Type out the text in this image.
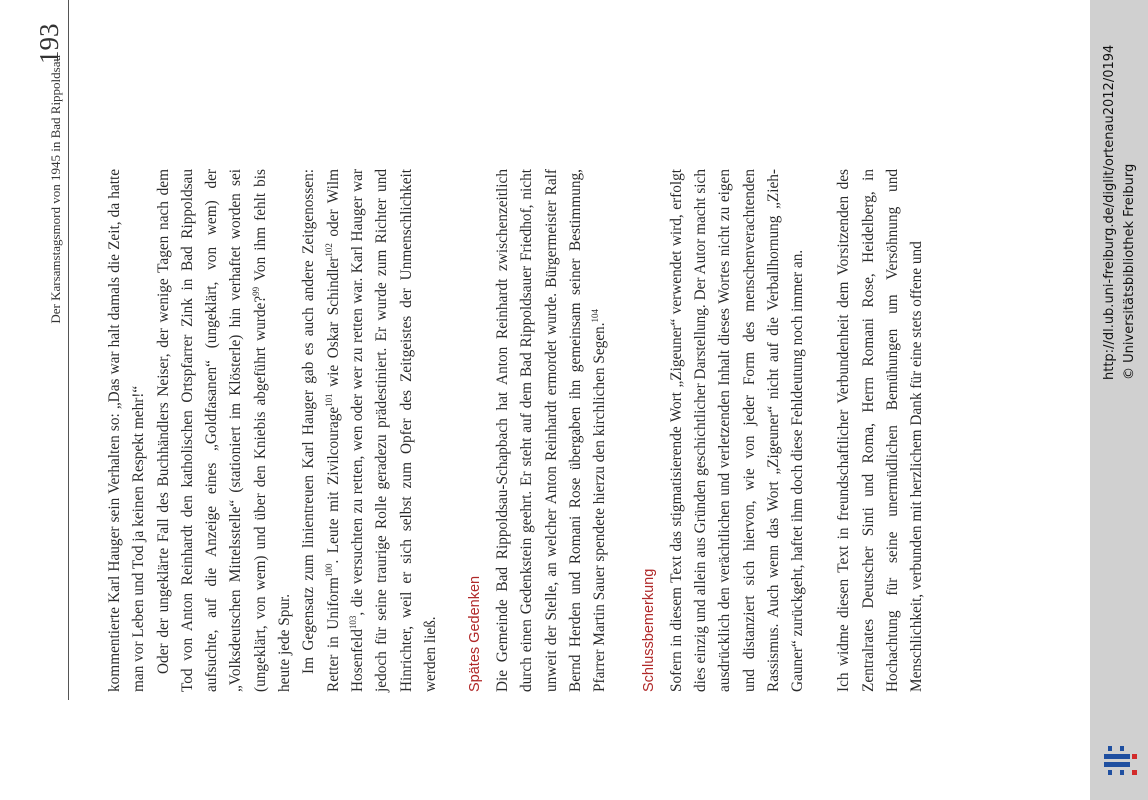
Der Karsamstagsmord von 1945 in Bad Rippoldsau
193

kommentierte Karl Hauger sein Verhalten so: „Das war halt damals die Zeit, da hatte man vor Leben und Tod ja keinen Respekt mehr!“ Oder der ungeklärte Fall des Buchhändlers Neiser, der wenige Tagen nach dem Tod von Anton Reinhardt den katholischen Ortspfarrer Zink in Bad Rippoldsau aufsuchte, auf die Anzeige eines „Goldfasanen“ (ungeklärt, von wem) der „Volksdeutschen Mittelsstelle“ (stationiert im Klösterle) hin verhaftet worden sei (ungeklärt, von wem) und über den Kniebis abgeführt wurde?$^{99}$ Von ihm fehlt bis heute jede Spur. Im Gegensatz zum linientreuen Karl Hauger gab es auch andere Zeitgenossen: Retter in Uniform$^{100}$. Leute mit Zivilcourage$^{101}$ wie Oskar Schindler$^{102}$ oder Wilm Hosenfeld$^{103}$, die versuchten zu retten, wen oder wer zu retten war. Karl Hauger war jedoch für seine traurige Rolle geradezu prädestiniert. Er wurde zum Richter und Hinrichter, weil er sich selbst zum Opfer des Zeitgeistes der Unmenschlichkeit werden ließ. Spätes Gedenken Die Gemeinde Bad Rippoldsau-Schapbach hat Anton Reinhardt zwischenzeitlich durch einen Gedenkstein geehrt. Er steht auf dem Bad Rippoldsauer Friedhof, nicht unweit der Stelle, an welcher Anton Reinhardt ermordet wurde. Bürgermeister Ralf Bernd Herden und Romani Rose übergaben ihn gemeinsam seiner Bestimmung, Pfarrer Martin Sauer spendete hierzu den kirchlichen Segen.$^{104}$

Schlussbemerkung Sofern in diesem Text das stigmatisierende Wort „Zigeuner“ verwendet wird, erfolgt dies einzig und allein aus Gründen geschichtlicher Darstellung. Der Autor macht sich ausdrücklich den verächtlichen und verletzenden Inhalt dieses Wortes nicht zu eigen und distanziert sich hiervon, wie von jeder Form des menschenverachtenden Rassismus. Auch wenn das Wort „Zigeuner“ nicht auf die Verballhornung „Zieh-Gauner“ zurückgeht, haftet ihm doch diese Fehldeutung noch immer an. Ich widme diesen Text in freundschaftlicher Verbundenheit dem Vorsitzenden des Zentralrates Deutscher Sinti und Roma, Herrn Romani Rose, Heidelberg, in Hochachtung für seine unermüdlichen Bemühungen um Versöhnung und Menschlichkeit, verbunden mit herzlichem Dank für eine stets offene und

http://dl.ub.uni-freiburg.de/diglit/ortenau2012/0194 © Universitätsbibliothek Freiburg
